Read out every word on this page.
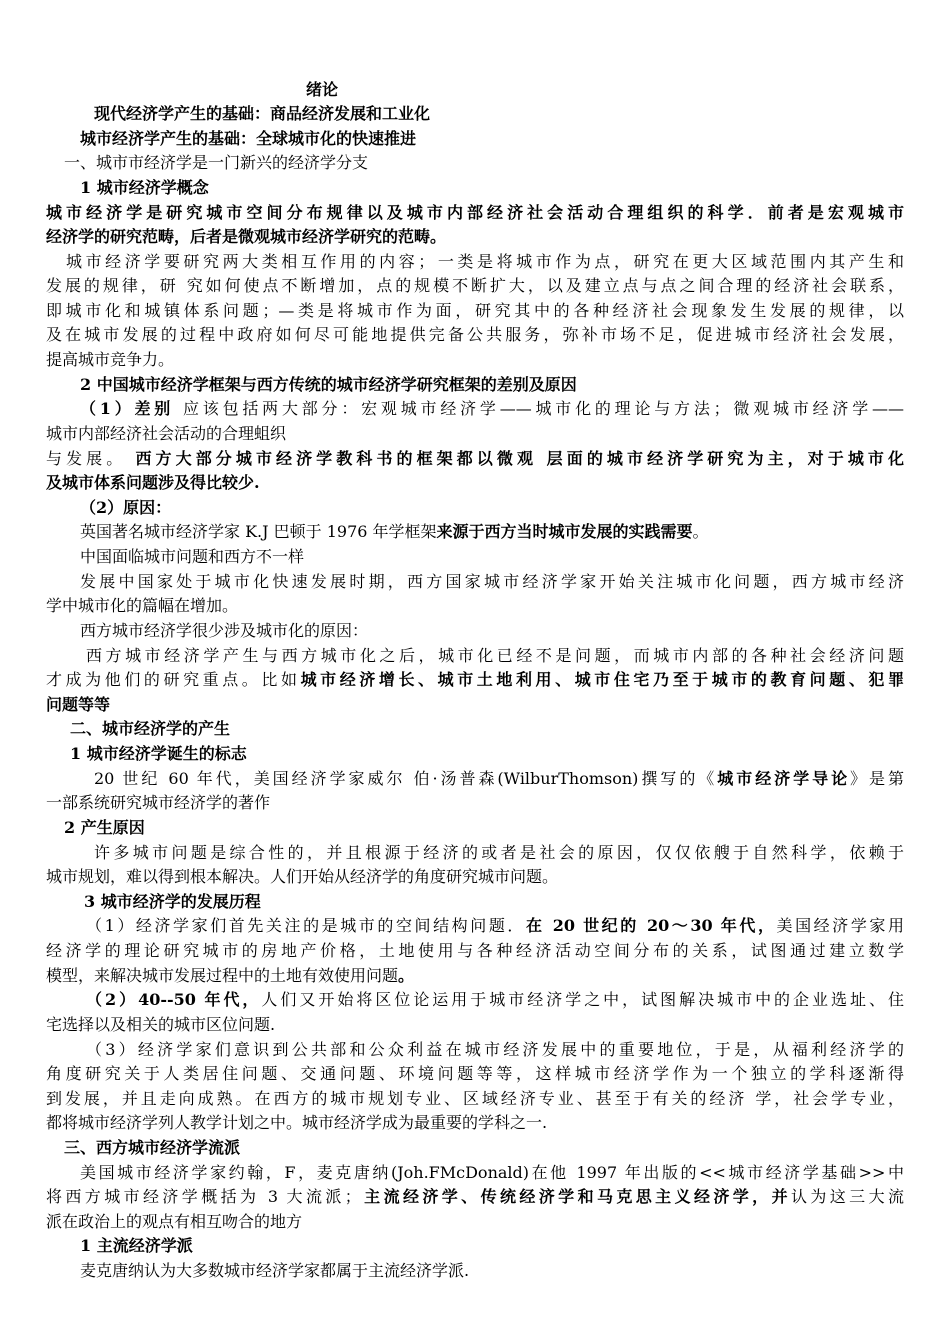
绪论
现代经济学产生的基础：商品经济发展和工业化
城市经济学产生的基础：全球城市化的快速推进
一、城市市经济学是一门新兴的经济学分支
1 城市经济学概念
城市经济学是研究城市空间分布规律以及城市内部经济社会活动合理组织的科学．前者是宏观城市
经济学的研究范畴，后者是微观城市经济学研究的范畴。
城市经济学要研究两大类相互作用的内容；一类是将城市作为点，研究在更大区域范围内其产生和
发展的规律，研 究如何使点不断增加，点的规模不断扩大，以及建立点与点之间合理的经济社会联系，
即城市化和城镇体系问题；—类是将城市作为面，研究其中的各种经济社会现象发生发展的规律，以
及在城市发展的过程中政府如何尽可能地提供完备公共服务，弥补市场不足，促进城市经济社会发展，
提高城市竞争力。
2 中国城市经济学框架与西方传统的城市经济学研究框架的差别及原因
（1）差别 应该包括两大部分：宏观城市经济学——城市化的理论与方法；微观城市经济学——
城市内部经济社会活动的合理蛆织
与发展。 西方大部分城市经济学教科书的框架都以微观 层面的城市经济学研究为主，对于城市化
及城市体系问题涉及得比较少.
（2）原因：
英国著名城市经济学家 K.J 巴顿于 1976 年学框架来源于西方当时城市发展的实践需要。
中国面临城市问题和西方不一样
发展中国家处于城市化快速发展时期，西方国家城市经济学家开始关注城市化问题，西方城市经济
学中城市化的篇幅在增加。
西方城市经济学很少涉及城市化的原因：
西方城市经济学产生与西方城市化之后，城市化已经不是问题，而城市内部的各种社会经济问题
才成为他们的研究重点。比如城市经济增长、城市土地利用、城市住宅乃至于城市的教育问题、犯罪
问题等等
二、城市经济学的产生
1 城市经济学诞生的标志
20 世纪 60 年代，美国经济学家威尔 伯·汤普森(WilburThomson)撰写的《城市经济学导论》是第
一部系统研究城市经济学的著作
2 产生原因
许多城市问题是综合性的，并且根源于经济的或者是社会的原因，仅仅依艘于自然科学，依赖于
城市规划，难以得到根本解决。人们开始从经济学的角度研究城市问题。
3 城市经济学的发展历程
（1）经济学家们首先关注的是城市的空间结构问题．在 20 世纪的 20～30 年代，美国经济学家用
经济学的理论研究城市的房地产价格，土地使用与各种经济活动空间分布的关系，试图通过建立数学
模型，来解决城市发展过程中的土地有效使用问题。
（2）40--50 年代，人们又开始将区位论运用于城市经济学之中，试图解决城市中的企业选址、住
宅选择以及相关的城市区位问题.
（3）经济学家们意识到公共部和公众利益在城市经济发展中的重要地位，于是，从福利经济学的
角度研究关于人类居住问题、交通问题、环境问题等等，这样城市经济学作为一个独立的学科逐渐得
到发展，并且走向成熟。在西方的城市规划专业、区域经济专业、甚至于有关的经济 学，社会学专业，
都将城市经济学列人教学计划之中。城市经济学成为最重要的学科之一.
三、西方城市经济学流派
美国城市经济学家约翰，F，麦克唐纳(Joh.FMcDonald)在他 1997 年出版的<<城市经济学基础>>中
将西方城市经济学概括为 3 大流派；主流经济学、传统经济学和马克思主义经济学，并认为这三大流
派在政治上的观点有相互吻合的地方
1 主流经济学派
麦克唐纳认为大多数城市经济学家都属于主流经济学派.
